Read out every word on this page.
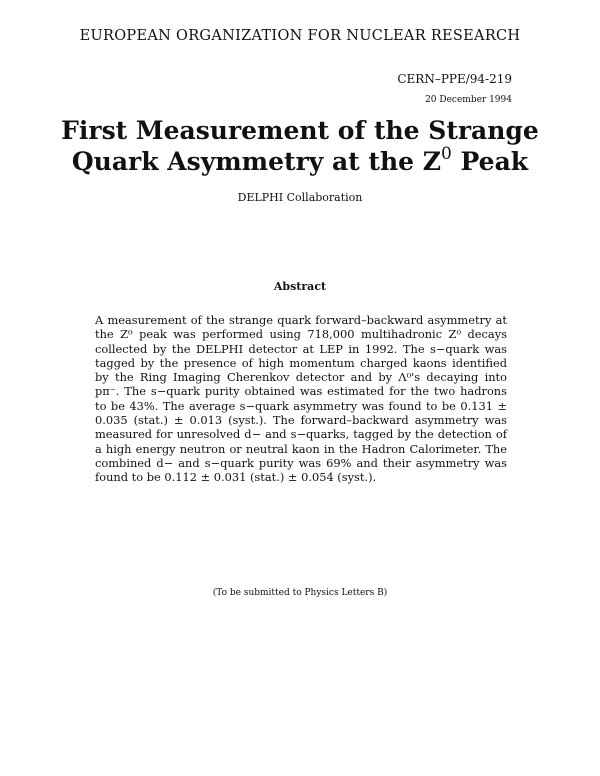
EUROPEAN ORGANIZATION FOR NUCLEAR RESEARCH
CERN–PPE/94-219
20 December 1994
First Measurement of the Strange
Quark Asymmetry at the $Z^0$ Peak
DELPHI Collaboration
Abstract

A measurement of the strange quark forward–backward asymmetry at the Z⁰ peak was performed using 718,000 multihadronic Z⁰ decays collected by the DELPHI detector at LEP in 1992. The s−quark was tagged by the presence of high momentum charged kaons identified by the Ring Imaging Cherenkov detector and by Λ⁰'s decaying into pπ⁻. The s−quark purity obtained was estimated for the two hadrons to be 43%. The average s−quark asymmetry was found to be 0.131 ± 0.035 (stat.) ± 0.013 (syst.). The forward–backward asymmetry was measured for unresolved d− and s−quarks, tagged by the detection of a high energy neutron or neutral kaon in the Hadron Calorimeter. The combined d− and s−quark purity was 69% and their asymmetry was found to be 0.112 ± 0.031 (stat.) ± 0.054 (syst.).

(To be submitted to Physics Letters B)
